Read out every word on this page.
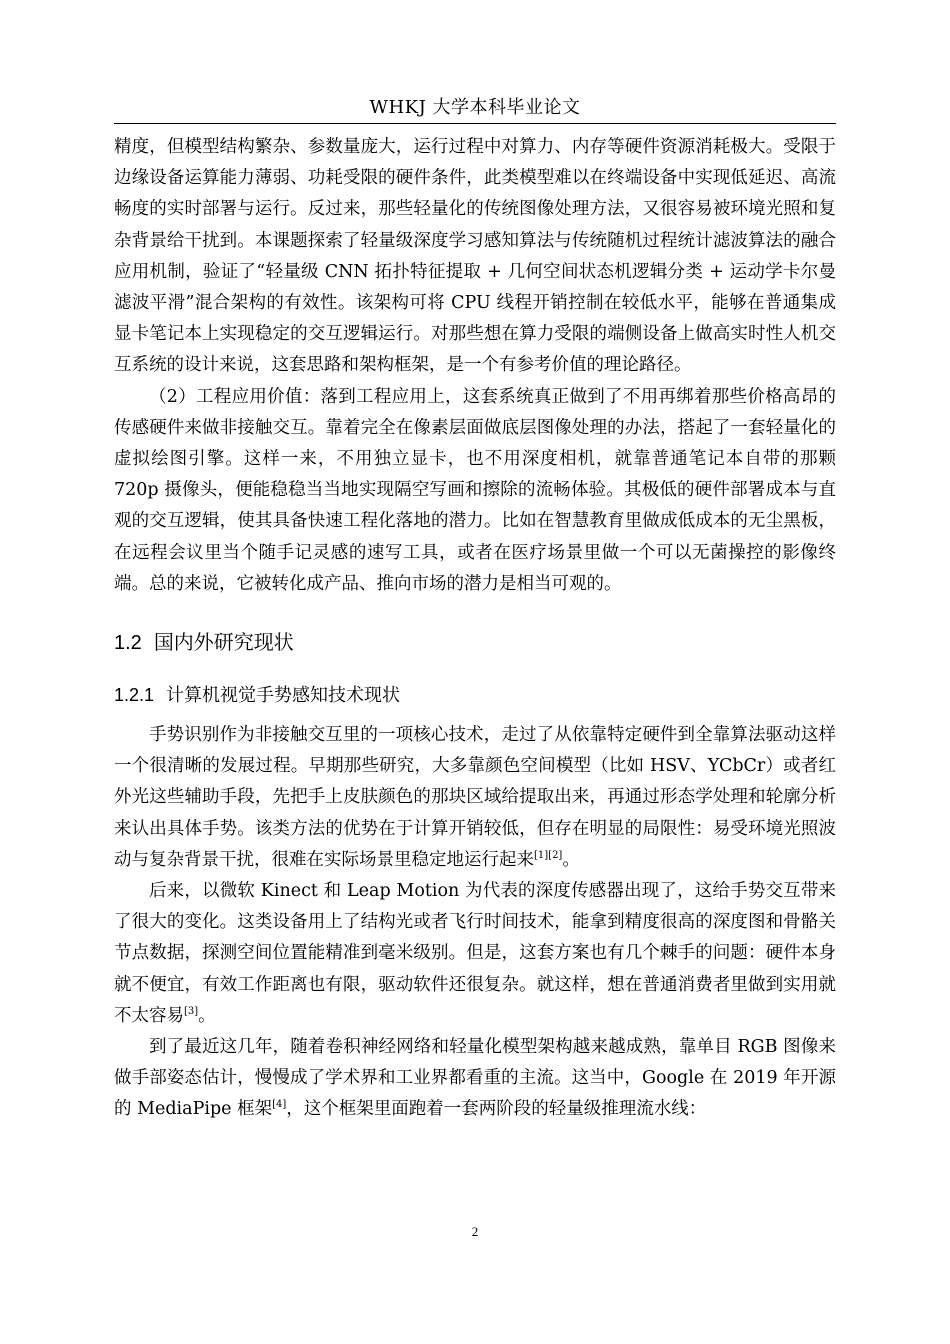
WHKJ 大学本科毕业论文

精度，但模型结构繁杂、参数量庞大，运行过程中对算力、内存等硬件资源消耗极大。受限于边缘设备运算能力薄弱、功耗受限的硬件条件，此类模型难以在终端设备中实现低延迟、高流畅度的实时部署与运行。反过来，那些轻量化的传统图像处理方法，又很容易被环境光照和复杂背景给干扰到。本课题探索了轻量级深度学习感知算法与传统随机过程统计滤波算法的融合应用机制，验证了“轻量级 CNN 拓扑特征提取 + 几何空间状态机逻辑分类 + 运动学卡尔曼滤波平滑”混合架构的有效性。该架构可将 CPU 线程开销控制在较低水平，能够在普通集成显卡笔记本上实现稳定的交互逻辑运行。对那些想在算力受限的端侧设备上做高实时性人机交互系统的设计来说，这套思路和架构框架，是一个有参考价值的理论路径。

（2）工程应用价值：落到工程应用上，这套系统真正做到了不用再绑着那些价格高昂的传感硬件来做非接触交互。靠着完全在像素层面做底层图像处理的办法，搭起了一套轻量化的虚拟绘图引擎。这样一来，不用独立显卡，也不用深度相机，就靠普通笔记本自带的那颗 720p 摄像头，便能稳稳当当地实现隔空写画和擦除的流畅体验。其极低的硬件部署成本与直观的交互逻辑，使其具备快速工程化落地的潜力。比如在智慧教育里做成低成本的无尘黑板，在远程会议里当个随手记灵感的速写工具，或者在医疗场景里做一个可以无菌操控的影像终端。总的来说，它被转化成产品、推向市场的潜力是相当可观的。

1.2 国内外研究现状
1.2.1 计算机视觉手势感知技术现状

手势识别作为非接触交互里的一项核心技术，走过了从依靠特定硬件到全靠算法驱动这样一个很清晰的发展过程。早期那些研究，大多靠颜色空间模型（比如 HSV、YCbCr）或者红外光这些辅助手段，先把手上皮肤颜色的那块区域给提取出来，再通过形态学处理和轮廓分析来认出具体手势。该类方法的优势在于计算开销较低，但存在明显的局限性：易受环境光照波动与复杂背景干扰，很难在实际场景里稳定地运行起来[1][2]。

后来，以微软 Kinect 和 Leap Motion 为代表的深度传感器出现了，这给手势交互带来了很大的变化。这类设备用上了结构光或者飞行时间技术，能拿到精度很高的深度图和骨骼关节点数据，探测空间位置能精准到毫米级别。但是，这套方案也有几个棘手的问题：硬件本身就不便宜，有效工作距离也有限，驱动软件还很复杂。就这样，想在普通消费者里做到实用就不太容易[3]。

到了最近这几年，随着卷积神经网络和轻量化模型架构越来越成熟，靠单目 RGB 图像来做手部姿态估计，慢慢成了学术界和工业界都看重的主流。这当中，Google 在 2019 年开源的 MediaPipe 框架[4]，这个框架里面跑着一套两阶段的轻量级推理流水线：

2
